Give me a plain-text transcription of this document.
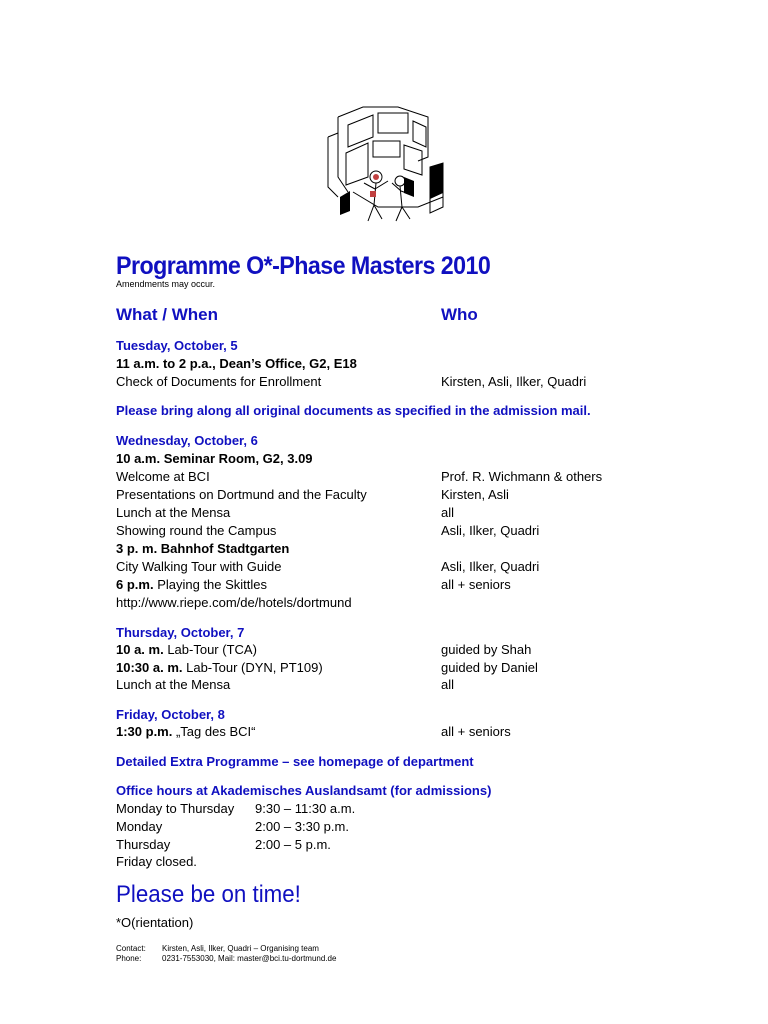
Programme O*-Phase Masters 2010
Amendments may occur.
What / When	Who
Tuesday, October, 5
11 a.m. to 2 p.a., Dean’s Office, G2, E18
Check of Documents for Enrollment	Kirsten, Asli, Ilker, Quadri
Please bring along all original documents as specified in the admission mail.
Wednesday, October, 6
10 a.m. Seminar Room, G2, 3.09
Welcome at BCI	Prof. R. Wichmann & others
Presentations on Dortmund and the Faculty	Kirsten, Asli
Lunch at the Mensa	all
Showing round the Campus	Asli, Ilker, Quadri
3 p. m. Bahnhof Stadtgarten
City Walking Tour with Guide	Asli, Ilker, Quadri
6 p.m. Playing the Skittles	all + seniors
http://www.riepe.com/de/hotels/dortmund
Thursday, October, 7
10 a. m. Lab-Tour (TCA)	guided by Shah
10:30 a. m. Lab-Tour (DYN, PT109)	guided by Daniel
Lunch at the Mensa	all
Friday, October, 8
1:30 p.m. „Tag des BCI“	all + seniors
Detailed Extra Programme – see homepage of department
Office hours at Akademisches Auslandsamt (for admissions)
Monday to Thursday 9:30 – 11:30 a.m.
Monday	2:00 – 3:30 p.m.
Thursday	2:00 – 5 p.m.
Friday closed.
Please be on time!
*O(rientation)
Contact: Kirsten, Asli, Ilker, Quadri – Organising team
Phone:	0231-7553030, Mail: master@bci.tu-dortmund.de
